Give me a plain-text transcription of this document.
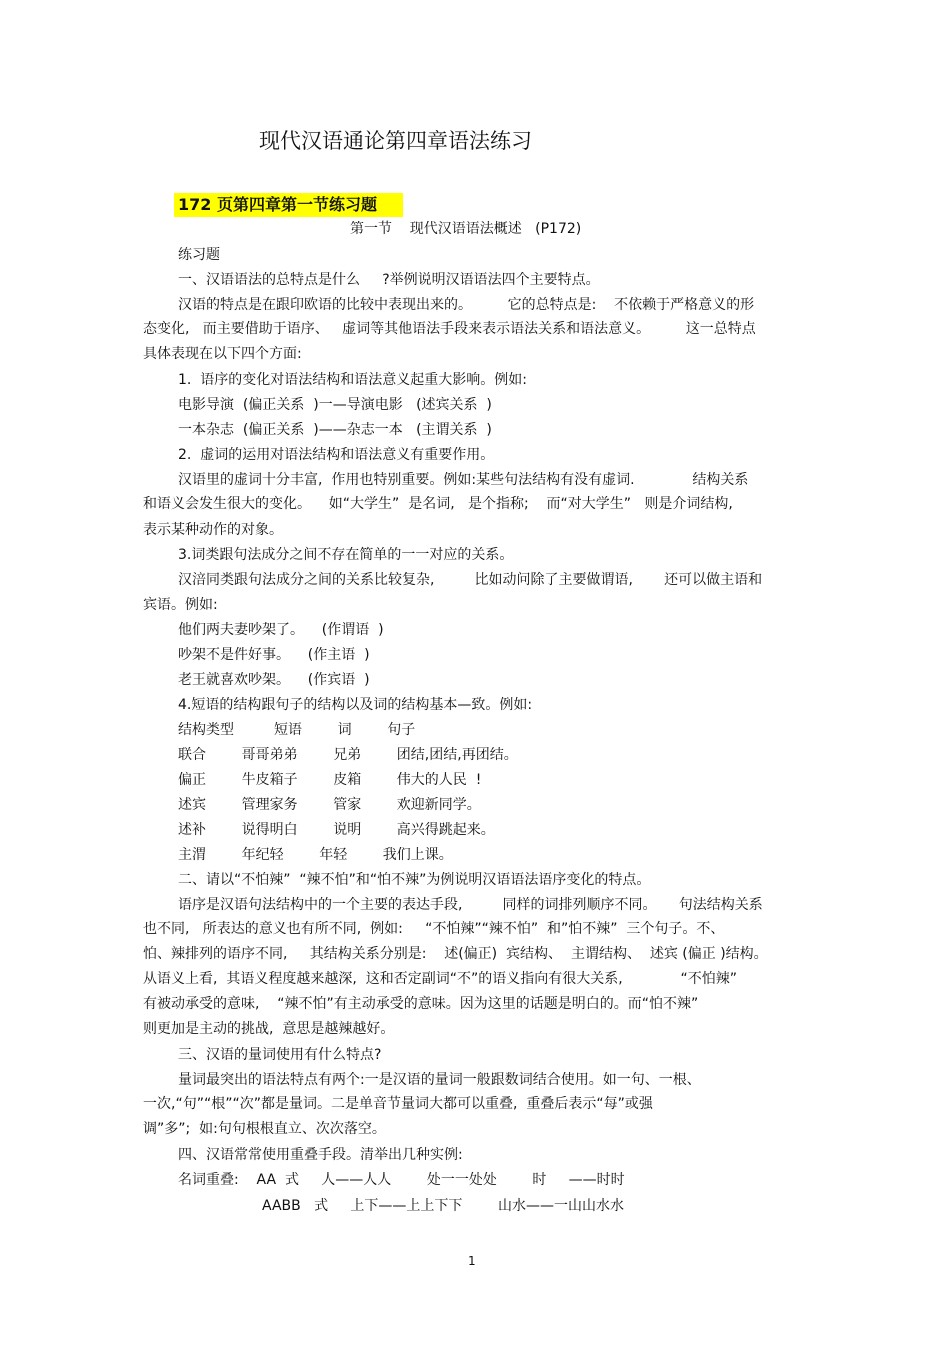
现代汉语通论第四章语法练习
172 页第四章第一节练习题
第一节    现代汉语语法概述   (P172)
练习题
一、汉语语法的总特点是什么     ?举例说明汉语语法四个主要特点。
汉语的特点是在跟印欧语的比较中表现出来的。        它的总特点是:    不依赖于严格意义的形
态变化,   而主要借助于语序、   虚词等其他语法手段来表示语法关系和语法意义。        这一总特点
具体表现在以下四个方面:
1.  语序的变化对语法结构和语法意义起重大影响。例如:
电影导演  (偏正关系  )一—导演电影   (述宾关系  )
一本杂志  (偏正关系  )——杂志一本   (主谓关系  )
2.  虚词的运用对语法结构和语法意义有重要作用。
汉语里的虚词十分丰富,  作用也特别重要。例如:某些句法结构有没有虚词.             结构关系
和语义会发生很大的变化。    如“大学生”  是名词,   是个指称;    而“对大学生”   则是介词结构,
表示某种动作的对象。
3.词类跟句法成分之间不存在简单的一一对应的关系。
汉涪同类跟句法成分之间的关系比较复杂,         比如动问除了主要做谓语,       还可以做主语和
宾语。例如:
他们两夫妻吵架了。    (作谓语  )
吵架不是件好事。    (作主语  )
老王就喜欢吵架。    (作宾语  )
4.短语的结构跟句子的结构以及词的结构基本—致。例如:
结构类型         短语        词        句子
联合        哥哥弟弟        兄弟        团结,团结,再团结。
偏正        牛皮箱子        皮箱        伟大的人民  !
述宾        管理家务        管家        欢迎新同学。
述补        说得明白        说明        高兴得跳起来。
主渭        年纪轻        年轻        我们上课。
二、请以“不怕辣”  “辣不怕”和“怕不辣”为例说明汉语语法语序变化的特点。
语序是汉语句法结构中的一个主要的表达手段,         同样的词排列顺序不同。     句法结构关系
也不同,   所表达的意义也有所不同,  例如:     “不怕辣”“辣不怕”  和”怕不辣”  三个句子。不、
怕、辣排列的语序不同,     其结构关系分别是:    述(偏正)  宾结构、  主谓结构、  述宾 (偏正 )结构。
从语义上看,  其语义程度越来越深,  这和否定副词“不”的语义指向有很大关系,             “不怕辣”
有被动承受的意味,    “辣不怕”有主动承受的意味。因为这里的话题是明白的。而“怕不辣”
则更加是主动的挑战,  意思是越辣越好。
三、汉语的量词使用有什么特点?
量词最突出的语法特点有两个:一是汉语的量词一般跟数词结合使用。如一句、一根、
一次,“句”“根”“次”都是量词。二是单音节量词大都可以重叠,  重叠后表示“每”或强
调”多”;  如:句句根根直立、次次落空。
四、汉语常常使用重叠手段。清举出几种实例:
名词重叠:    AA  式     人——人人        处一一处处        时     ——时时
AABB   式     上下——上上下下        山水——一山山水水
1
